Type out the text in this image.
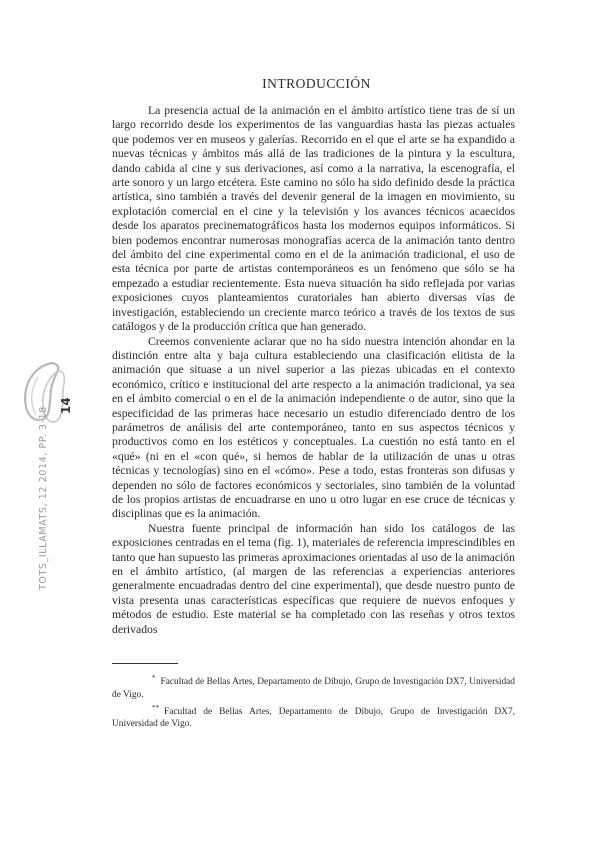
TOTS_ILLAMATS, 12 2014, PP. 3-18
14
INTRODUCCIÓN

La presencia actual de la animación en el ámbito artístico tiene tras de sí un largo recorrido desde los experimentos de las vanguardias hasta las piezas actuales que podemos ver en museos y galerías. Recorrido en el que el arte se ha expandido a nuevas técnicas y ámbitos más allá de las tradiciones de la pintura y la escultura, dando cabida al cine y sus derivaciones, así como a la narrativa, la escenografía, el arte sonoro y un largo etcétera. Este camino no sólo ha sido definido desde la práctica artística, sino también a través del devenir general de la imagen en movimiento, su explotación comercial en el cine y la televisión y los avances técnicos acaecidos desde los aparatos precinematográficos hasta los modernos equipos informáticos. Si bien podemos encontrar numerosas monografías acerca de la animación tanto dentro del ámbito del cine experimental como en el de la animación tradicional, el uso de esta técnica por parte de artistas contemporáneos es un fenómeno que sólo se ha empezado a estudiar recientemente. Esta nueva situación ha sido reflejada por varias exposiciones cuyos planteamientos curatoriales han abierto diversas vías de investigación, estableciendo un creciente marco teórico a través de los textos de sus catálogos y de la producción crítica que han generado.

Creemos conveniente aclarar que no ha sido nuestra intención ahondar en la distinción entre alta y baja cultura estableciendo una clasificación elitista de la animación que situase a un nivel superior a las piezas ubicadas en el contexto económico, crítico e institucional del arte respecto a la animación tradicional, ya sea en el ámbito comercial o en el de la animación independiente o de autor, sino que la especificidad de las primeras hace necesario un estudio diferenciado dentro de los parámetros de análisis del arte contemporáneo, tanto en sus aspectos técnicos y productivos como en los estéticos y conceptuales. La cuestión no está tanto en el «qué» (ni en el «con qué», si hemos de hablar de la utilización de unas u otras técnicas y tecnologías) sino en el «cómo». Pese a todo, estas fronteras son difusas y dependen no sólo de factores económicos y sectoriales, sino también de la voluntad de los propios artistas de encuadrarse en uno u otro lugar en ese cruce de técnicas y disciplinas que es la animación.

Nuestra fuente principal de información han sido los catálogos de las exposiciones centradas en el tema (fig. 1), materiales de referencia imprescindibles en tanto que han supuesto las primeras aproximaciones orientadas al uso de la animación en el ámbito artístico, (al margen de las referencias a experiencias anteriores generalmente encuadradas dentro del cine experimental), que desde nuestro punto de vista presenta unas características específicas que requiere de nuevos enfoques y métodos de estudio. Este material se ha completado con las reseñas y otros textos derivados

* Facultad de Bellas Artes, Departamento de Dibujo, Grupo de Investigación DX7, Universidad de Vigo.

** Facultad de Bellas Artes, Departamento de Dibujo, Grupo de Investigación DX7, Universidad de Vigo.
